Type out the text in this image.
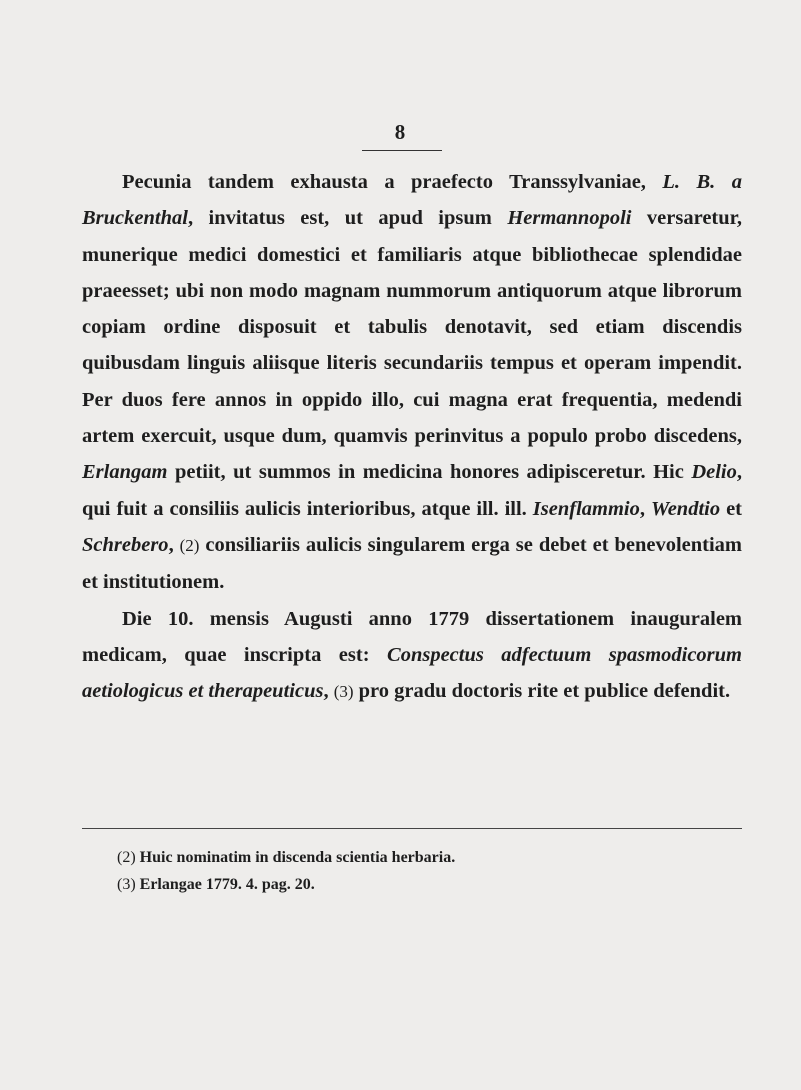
8

Pecunia tandem exhausta a praefecto Transsylvaniae, L. B. a Bruckenthal, invitatus est, ut apud ipsum Hermannopoli versaretur, munerique medici domestici et familiaris atque bibliothecae splendidae praeesset; ubi non modo magnam nummorum antiquorum atque librorum copiam ordine disposuit et tabulis denotavit, sed etiam discendis quibusdam linguis aliisque literis secundariis tempus et operam impendit. Per duos fere annos in oppido illo, cui magna erat frequentia, medendi artem exercuit, usque dum, quamvis perinvitus a populo probo discedens, Erlangam petiit, ut summos in medicina honores adipisceretur. Hic Delio, qui fuit a consiliis aulicis interioribus, atque ill. ill. Isenflammio, Wendtio et Schrebero, (2) consiliariis aulicis singularem erga se debet et benevolentiam et institutionem.

Die 10. mensis Augusti anno 1779 dissertationem inauguralem medicam, quae inscripta est: Conspectus adfectuum spasmodicorum aetiologicus et therapeuticus, (3) pro gradu doctoris rite et publice defendit.

(2) Huic nominatim in discenda scientia herbaria.

(3) Erlangae 1779. 4. pag. 20.
